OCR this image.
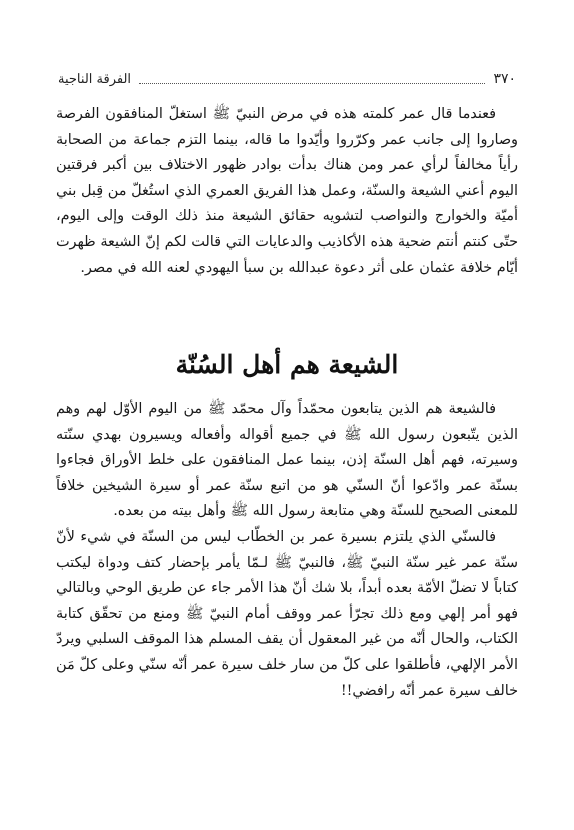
٣٧٠
الفرقة الناجية

فعندما قال عمر كلمته هذه في مرض النبيّ ﷺ استغلّ المنافقون الفرصة وصاروا إلى جانب عمر وكرّروا وأيّدوا ما قاله، بينما التزم جماعة من الصحابة رأياً مخالفاً لرأي عمر ومن هناك بدأت بوادر ظهور الاختلاف بين أكبر فرقتين اليوم أعني الشيعة والسنّة، وعمل هذا الفريق العمري الذي استُغلّ من قِبل بني أميّة والخوارج والنواصب لتشويه حقائق الشيعة منذ ذلك الوقت وإلى اليوم، حتّى كنتم أنتم ضحية هذه الأكاذيب والدعايات التي قالت لكم إنّ الشيعة ظهرت أيّام خلافة عثمان على أثر دعوة عبدالله بن سبأ اليهودي لعنه الله في مصر.

الشيعة هم أهل السُنّة

فالشيعة هم الذين يتابعون محمّداً وآل محمّد ﷺ من اليوم الأوّل لهم وهم الذين يتّبعون رسول الله ﷺ في جميع أقواله وأفعاله ويسيرون بهدي سنّته وسيرته، فهم أهل السنّة إذن، بينما عمل المنافقون على خلط الأوراق فجاءوا بسنّة عمر وادّعوا أنّ السنّي هو من اتبع سنّة عمر أو سيرة الشيخين خلافاً للمعنى الصحيح للسنّة وهي متابعة رسول الله ﷺ وأهل بيته من بعده.

فالسنّي الذي يلتزم بسيرة عمر بن الخطّاب ليس من السنّة في شيء لأنّ سنّة عمر غير سنّة النبيّ ﷺ، فالنبيّ ﷺ لـمّا يأمر بإحضار كتف ودواة ليكتب كتاباً لا تضلّ الأمّة بعده أبداً، بلا شك أنّ هذا الأمر جاء عن طريق الوحي وبالتالي فهو أمر إلهي ومع ذلك تجرّأ عمر ووقف أمام النبيّ ﷺ ومنع من تحقّق كتابة الكتاب، والحال أنّه من غير المعقول أن يقف المسلم هذا الموقف السلبي ويردّ الأمر الإلهي، فأطلقوا على كلّ من سار خلف سيرة عمر أنّه سنّي وعلى كلّ مَن خالف سيرة عمر أنّه رافضي!!
